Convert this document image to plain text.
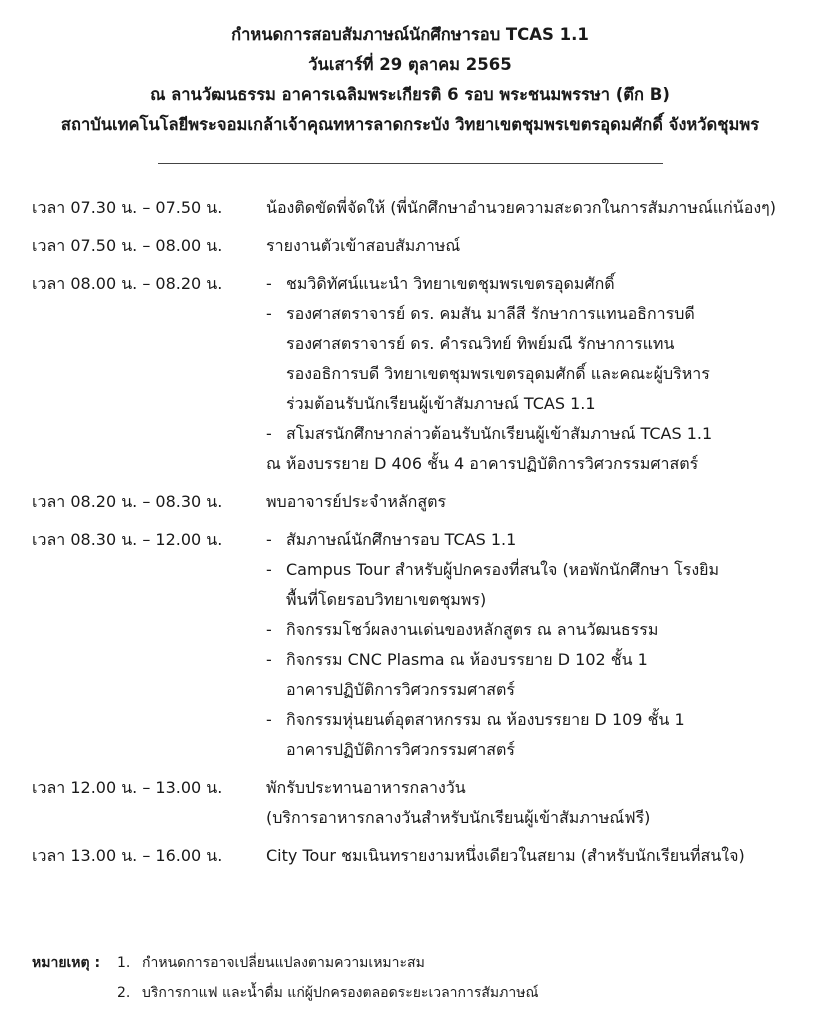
กำหนดการสอบสัมภาษณ์นักศึกษารอบ TCAS 1.1
วันเสาร์ที่ 29 ตุลาคม 2565
ณ ลานวัฒนธรรม อาคารเฉลิมพระเกียรติ 6 รอบ พระชนมพรรษา (ตึก B)
สถาบันเทคโนโลยีพระจอมเกล้าเจ้าคุณทหารลาดกระบัง วิทยาเขตชุมพรเขตรอุดมศักดิ์ จังหวัดชุมพร
เวลา 07.30 น. – 07.50 น.	น้องติดขัดพี่จัดให้ (พี่นักศึกษาอำนวยความสะดวกในการสัมภาษณ์แก่น้องๆ)
เวลา 07.50 น. – 08.00 น.	รายงานตัวเข้าสอบสัมภาษณ์
เวลา 08.00 น. – 08.20 น.	- ชมวิดิทัศน์แนะนำ วิทยาเขตชุมพรเขตรอุดมศักดิ์
- รองศาสตราจารย์ ดร. คมสัน มาลีสี รักษาการแทนอธิการบดี
รองศาสตราจารย์ ดร. คำรณวิทย์ ทิพย์มณี รักษาการแทน
รองอธิการบดี วิทยาเขตชุมพรเขตรอุดมศักดิ์ และคณะผู้บริหาร
ร่วมต้อนรับนักเรียนผู้เข้าสัมภาษณ์ TCAS 1.1
- สโมสรนักศึกษากล่าวต้อนรับนักเรียนผู้เข้าสัมภาษณ์ TCAS 1.1
ณ ห้องบรรยาย D 406 ชั้น 4 อาคารปฏิบัติการวิศวกรรมศาสตร์
เวลา 08.20 น. – 08.30 น.	พบอาจารย์ประจำหลักสูตร
เวลา 08.30 น. – 12.00 น.	- สัมภาษณ์นักศึกษารอบ TCAS 1.1
- Campus Tour สำหรับผู้ปกครองที่สนใจ (หอพักนักศึกษา โรงยิม
พื้นที่โดยรอบวิทยาเขตชุมพร)
- กิจกรรมโชว์ผลงานเด่นของหลักสูตร ณ ลานวัฒนธรรม
- กิจกรรม CNC Plasma ณ ห้องบรรยาย D 102 ชั้น 1
อาคารปฏิบัติการวิศวกรรมศาสตร์
- กิจกรรมหุ่นยนต์อุตสาหกรรม ณ ห้องบรรยาย D 109 ชั้น 1
อาคารปฏิบัติการวิศวกรรมศาสตร์
เวลา 12.00 น. – 13.00 น.	พักรับประทานอาหารกลางวัน
(บริการอาหารกลางวันสำหรับนักเรียนผู้เข้าสัมภาษณ์ฟรี)
เวลา 13.00 น. – 16.00 น.	City Tour ชมเนินทรายงามหนึ่งเดียวในสยาม (สำหรับนักเรียนที่สนใจ)
หมายเหตุ : 1. กำหนดการอาจเปลี่ยนแปลงตามความเหมาะสม
2. บริการกาแฟ และน้ำดื่ม แก่ผู้ปกครองตลอดระยะเวลาการสัมภาษณ์
